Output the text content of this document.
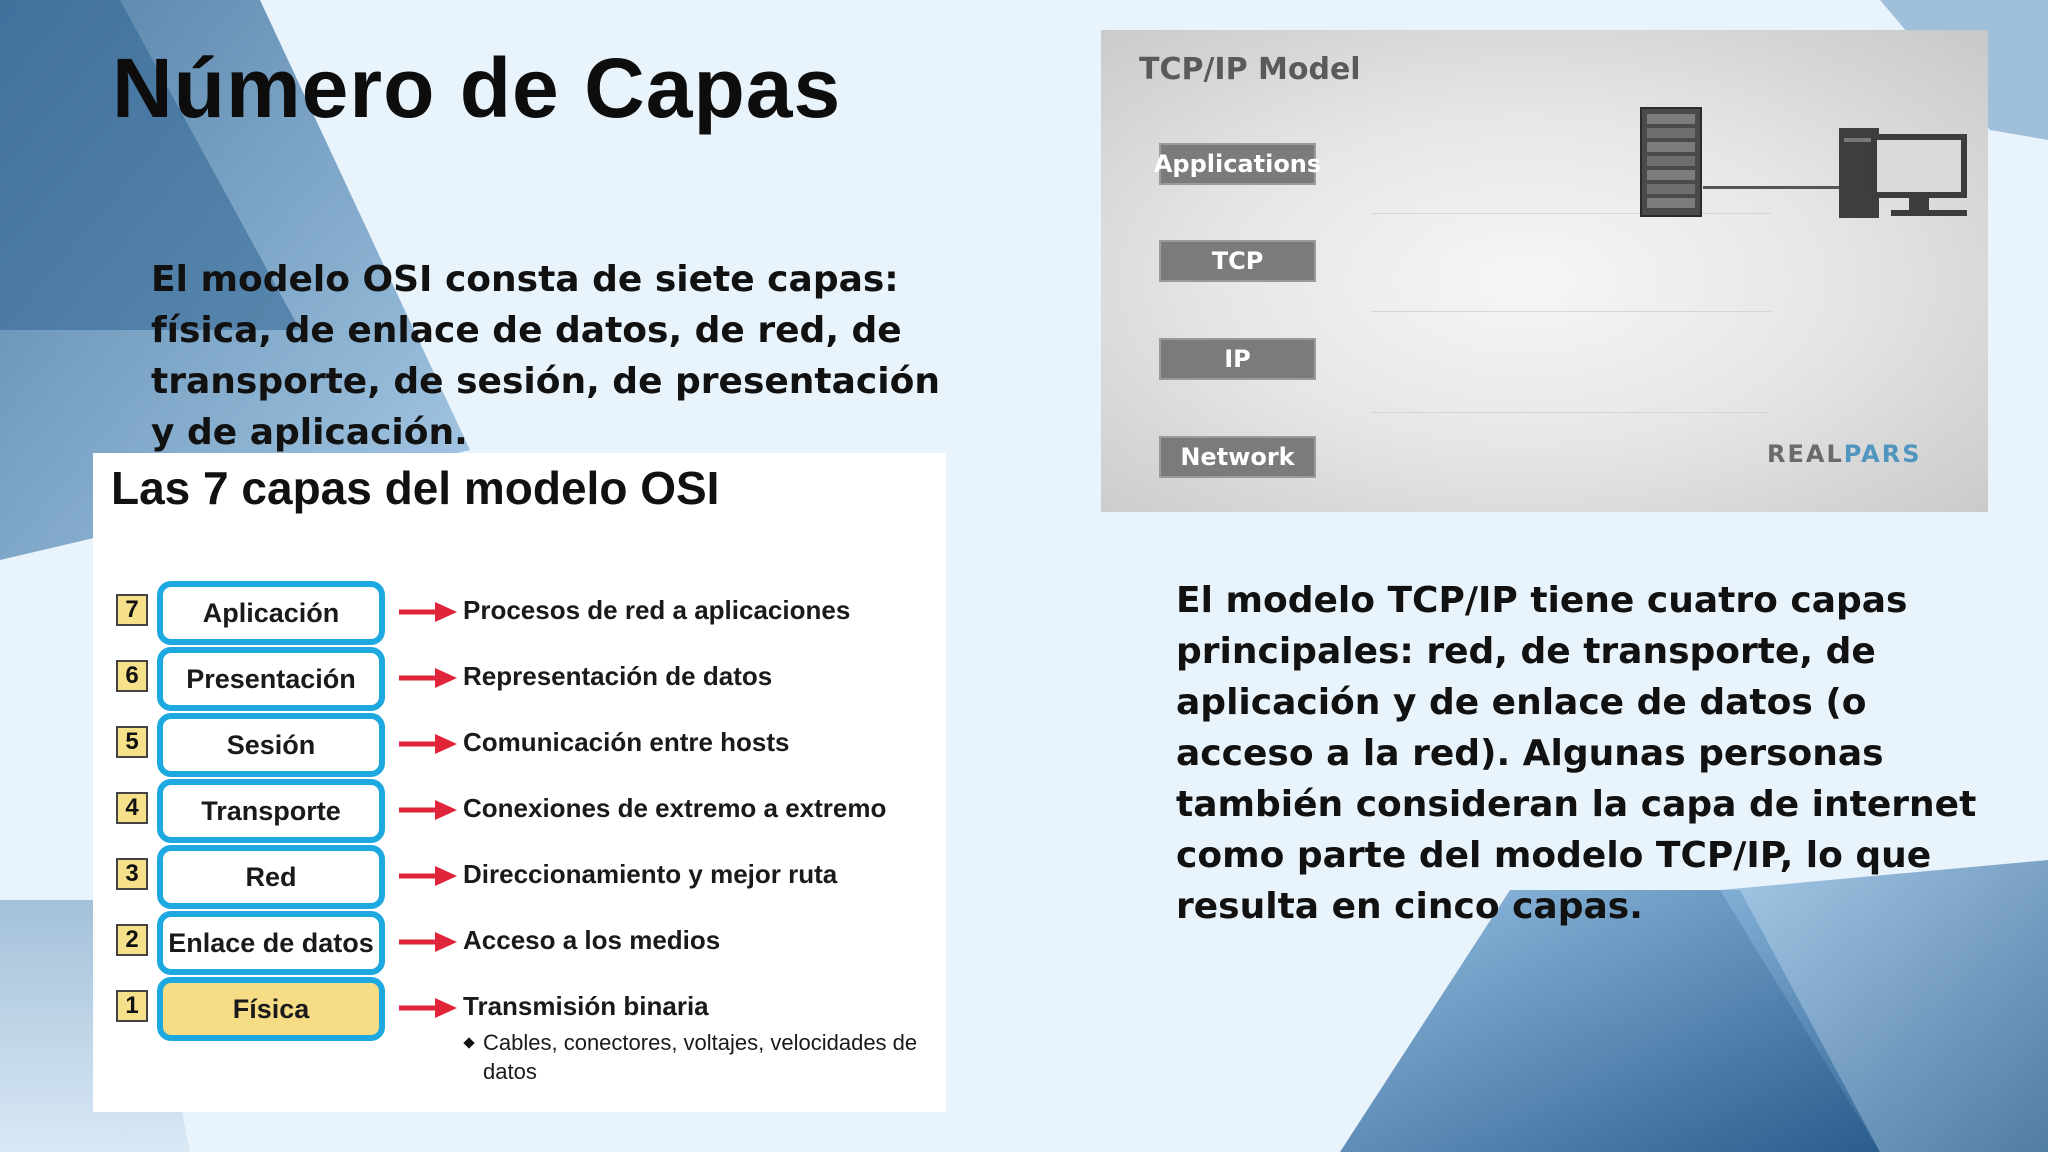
Número de Capas
El modelo OSI consta de siete capas: física, de enlace de datos, de red, de transporte, de sesión, de presentación y de aplicación.
Las 7 capas del modelo OSI
7	Aplicación	Procesos de red a aplicaciones
6	Presentación	Representación de datos
5	Sesión	Comunicación entre hosts
4	Transporte	Conexiones de extremo a extremo
3	Red	Direccionamiento y mejor ruta
2	Enlace de datos	Acceso a los medios
1	Física	Transmisión binaria
Cables, conectores, voltajes, velocidades de datos
TCP/IP Model
Applications
TCP
IP
Network	REALPARS
El modelo TCP/IP tiene cuatro capas principales: red, de transporte, de aplicación y de enlace de datos (o acceso a la red). Algunas personas también consideran la capa de internet como parte del modelo TCP/IP, lo que resulta en cinco capas.
